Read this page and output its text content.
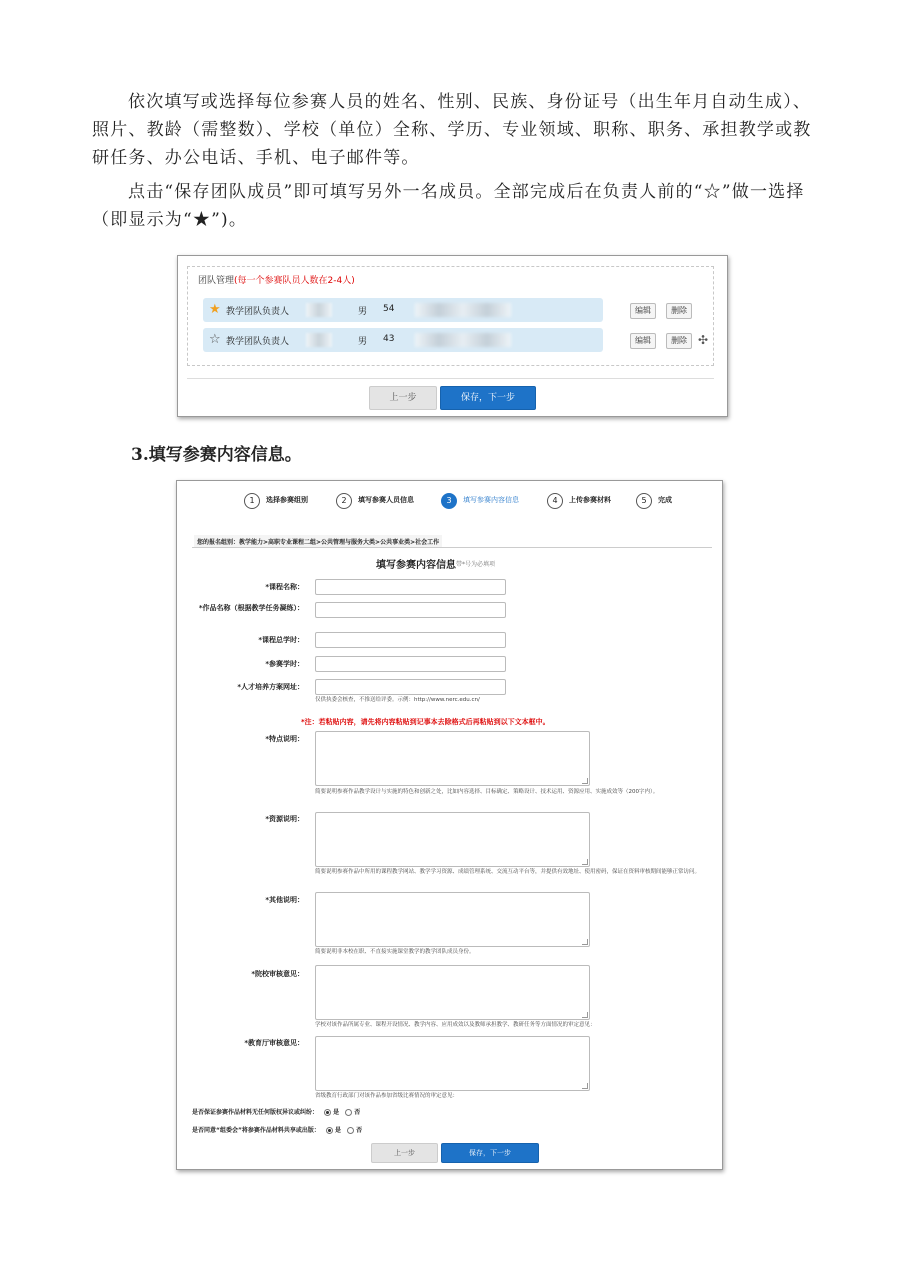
依次填写或选择每位参赛人员的姓名、性别、民族、身份证号（出生年月自动生成）、照片、教龄（需整数）、学校（单位）全称、学历、专业领域、职称、职务、承担教学或教研任务、办公电话、手机、电子邮件等。

点击“保存团队成员”即可填写另外一名成员。全部完成后在负责人前的“☆”做一选择（即显示为“★”)。

团队管理(每一个参赛队员人数在2-4人)
★ 教学团队负责人	男 54	编辑	删除
☆ 教学团队负责人	男 43	编辑	删除 ✣
上一步	保存，下一步

3.填写参赛内容信息。

1	选择参赛组别	2	填写参赛人员信息	3	填写参赛内容信息	4	上传参赛材料	5	完成
您的报名组别：教学能力>高职专业课程二组>公共管理与服务大类>公共事业类>社会工作
填写参赛内容信息
注：带*号为必填项
*课程名称：
*作品名称（根据教学任务凝练）：
*课程总学时：
*参赛学时：
*人才培养方案网址：
仅供执委会核查，不推送给评委。示例：http://www.nerc.edu.cn/
*注：若粘贴内容，请先将内容粘贴到记事本去除格式后再粘贴到以下文本框中。
*特点说明：
简要说明参赛作品教学设计与实施的特色和创新之处，比如内容选择、目标确定、策略设计、技术运用、资源应用、实施成效等（200字内）。
*资源说明：
简要说明参赛作品中所用的课程教学网站、教学学习资源、成绩管理系统、交流互动平台等，并提供有效地址、使用密码，保证在资料审核期间能够正常访问。
*其他说明：
简要说明非本校在职、不直接实施课堂教学的教学团队成员身份。
*院校审核意见：
学校对该作品所属专业、课程开设情况、教学内容、应用成效以及教师承担教学、教研任务等方面情况的审定意见：
*教育厅审核意见：
省级教育行政部门对该作品参加省级比赛情况的审定意见：
是否保证参赛作品材料无任何版权异议或纠纷：	是	否
是否同意“组委会”将参赛作品材料共享或出版：	是	否
上一步	保存，下一步
